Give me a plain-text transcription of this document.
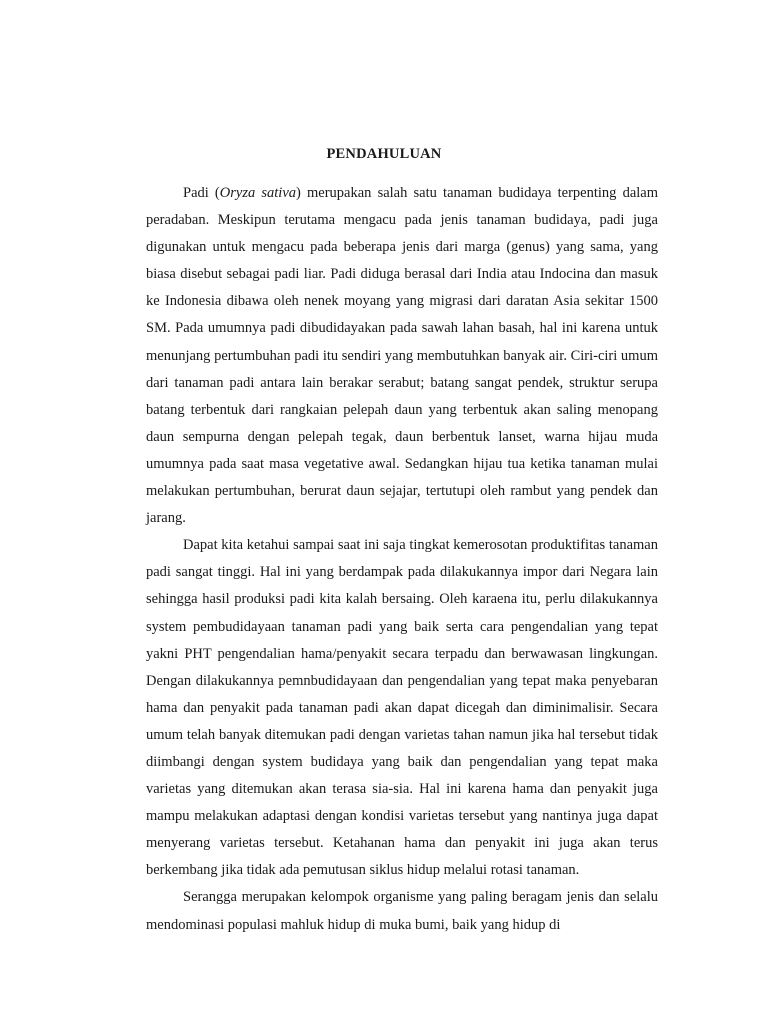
PENDAHULUAN

Padi (Oryza sativa) merupakan salah satu tanaman budidaya terpenting dalam peradaban. Meskipun terutama mengacu pada jenis tanaman budidaya, padi juga digunakan untuk mengacu pada beberapa jenis dari marga (genus) yang sama, yang biasa disebut sebagai padi liar. Padi diduga berasal dari India atau Indocina dan masuk ke Indonesia dibawa oleh nenek moyang yang migrasi dari daratan Asia sekitar 1500 SM. Pada umumnya padi dibudidayakan pada sawah lahan basah, hal ini karena untuk menunjang pertumbuhan padi itu sendiri yang membutuhkan banyak air. Ciri-ciri umum dari tanaman padi antara lain berakar serabut; batang sangat pendek, struktur serupa batang terbentuk dari rangkaian pelepah daun yang terbentuk akan saling menopang daun sempurna dengan pelepah tegak, daun berbentuk lanset, warna hijau muda umumnya pada saat masa vegetative awal. Sedangkan hijau tua ketika tanaman mulai melakukan pertumbuhan, berurat daun sejajar, tertutupi oleh rambut yang pendek dan jarang.

Dapat kita ketahui sampai saat ini saja tingkat kemerosotan produktifitas tanaman padi sangat tinggi. Hal ini yang berdampak pada dilakukannya impor dari Negara lain sehingga hasil produksi padi kita kalah bersaing. Oleh karaena itu, perlu dilakukannya system pembudidayaan tanaman padi yang baik serta cara pengendalian yang tepat yakni PHT pengendalian hama/penyakit secara terpadu dan berwawasan lingkungan. Dengan dilakukannya pemnbudidayaan dan pengendalian yang tepat maka penyebaran hama dan penyakit pada tanaman padi akan dapat dicegah dan diminimalisir. Secara umum telah banyak ditemukan padi dengan varietas tahan namun jika hal tersebut tidak diimbangi dengan system budidaya yang baik dan pengendalian yang tepat maka varietas yang ditemukan akan terasa sia-sia. Hal ini karena hama dan penyakit juga mampu melakukan adaptasi dengan kondisi varietas tersebut yang nantinya juga dapat menyerang varietas tersebut. Ketahanan hama dan penyakit ini juga akan terus berkembang jika tidak ada pemutusan siklus hidup melalui rotasi tanaman.

Serangga merupakan kelompok organisme yang paling beragam jenis dan selalu mendominasi populasi mahluk hidup di muka bumi, baik yang hidup di
